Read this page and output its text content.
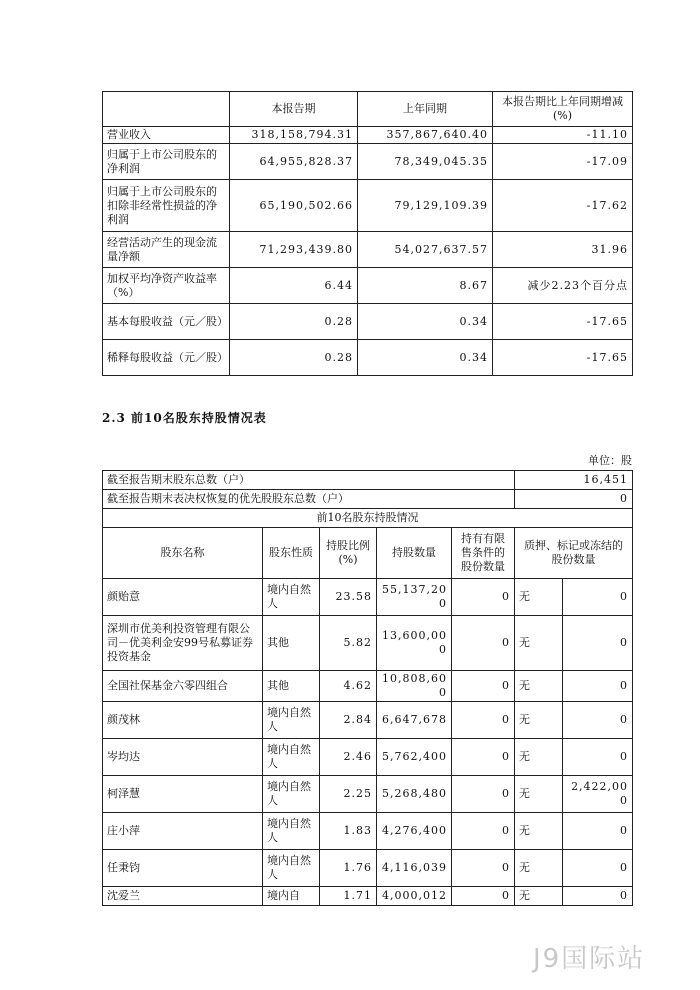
	本报告期	上年同期	本报告期比上年同期增减(%)
营业收入	318,158,794.31	357,867,640.40	-11.10
归属于上市公司股东的净利润	64,955,828.37	78,349,045.35	-17.09
归属于上市公司股东的扣除非经常性损益的净利润	65,190,502.66	79,129,109.39	-17.62
经营活动产生的现金流量净额	71,293,439.80	54,027,637.57	31.96
加权平均净资产收益率（%）	6.44	8.67	减少2.23个百分点
基本每股收益（元／股）	0.28	0.34	-17.65
稀释每股收益（元／股）	0.28	0.34	-17.65
2.3 前10名股东持股情况表
单位：股
截至报告期末股东总数（户）					16,451	
截至报告期末表决权恢复的优先股股东总数（户）					0	
前10名股东持股情况						
股东名称	股东性质	持股比例(%)	持股数量	持有有限售条件的股份数量	质押、标记或冻结的股份数量	
颜贻意	境内自然人	23.58	55,137,200	0	无	0
深圳市优美利投资管理有限公司－优美利金安99号私募证券投资基金	其他	5.82	13,600,000	0	无	0
全国社保基金六零四组合	其他	4.62	10,808,600	0	无	0
颜茂林	境内自然人	2.84	6,647,678	0	无	0
岑均达	境内自然人	2.46	5,762,400	0	无	0
柯泽慧	境内自然人	2.25	5,268,480	0	无	2,422,000
庄小萍	境内自然人	1.83	4,276,400	0	无	0
任秉钧	境内自然人	1.76	4,116,039	0	无	0
沈爱兰	境内自	1.71	4,000,012	0	无	0
J9国际站
